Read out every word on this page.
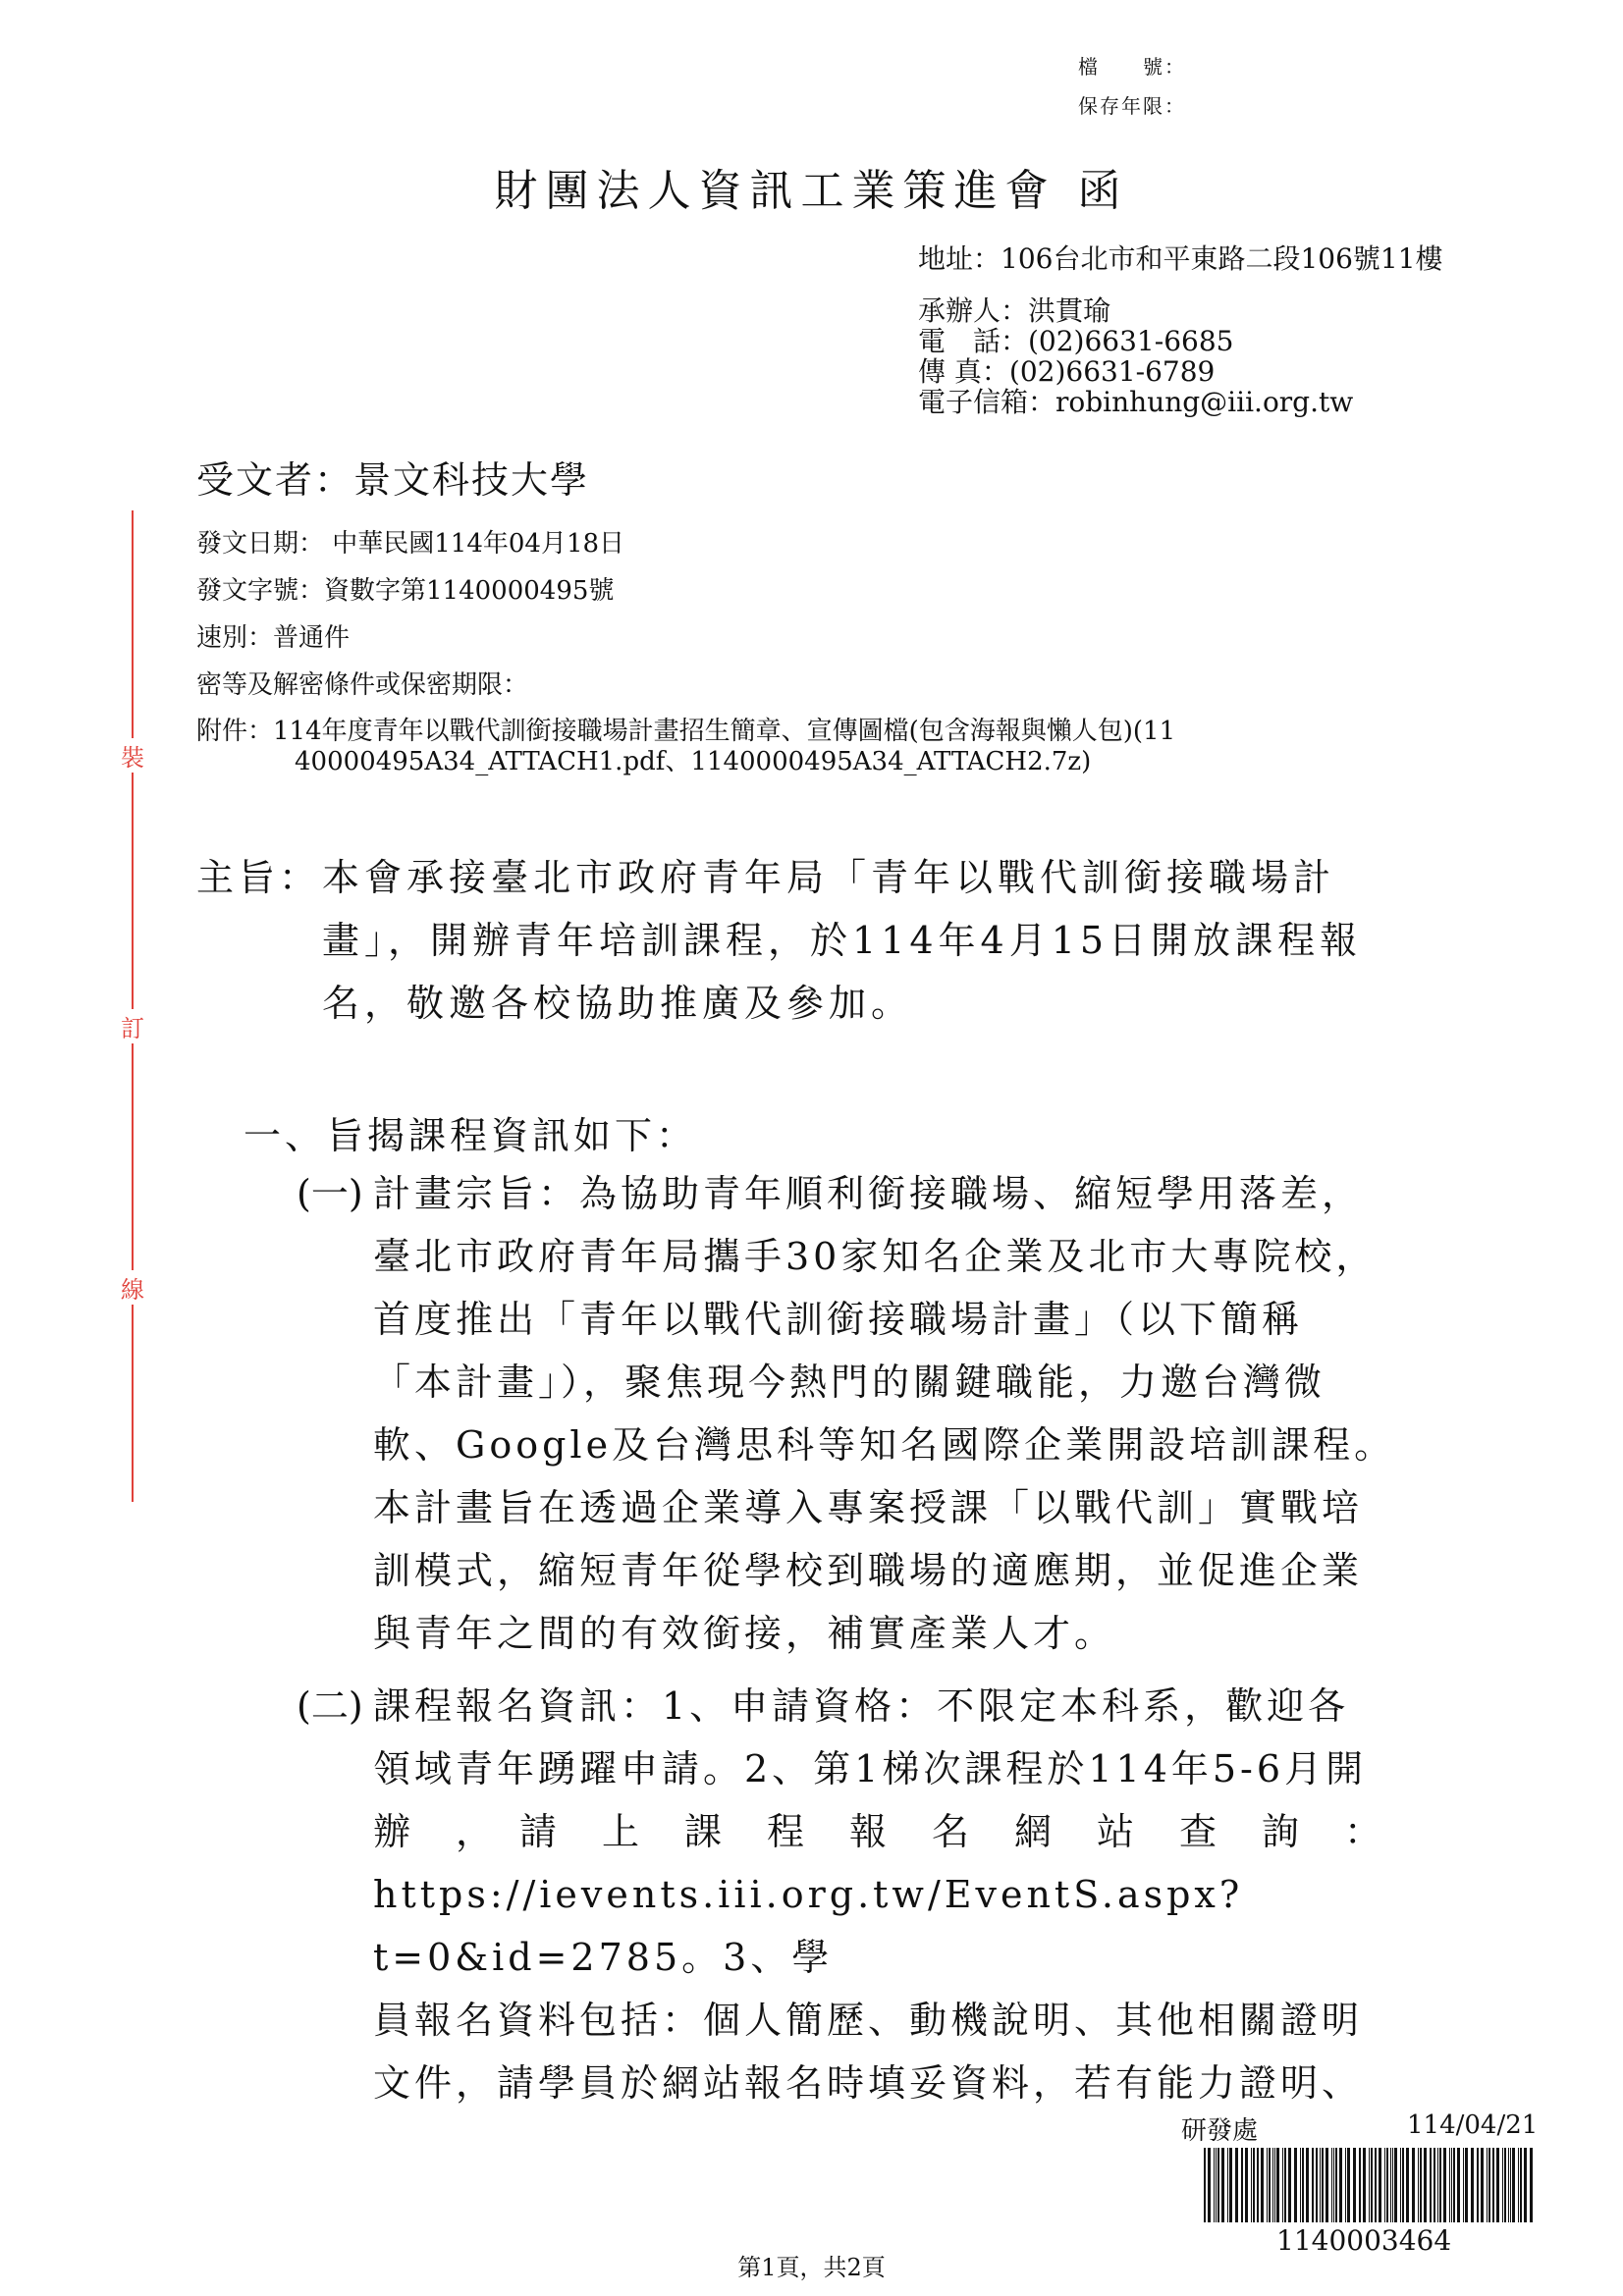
檔　　號：
保存年限：
財團法人資訊工業策進會 函
地址：106台北市和平東路二段106號11樓
承辦人：洪貫瑜
電　話：(02)6631-6685
傳 真：(02)6631-6789
電子信箱：robinhung@iii.org.tw
受文者：景文科技大學
發文日期： 中華民國114年04月18日
發文字號：資數字第1140000495號
速別：普通件
密等及解密條件或保密期限：
附件：114年度青年以戰代訓銜接職場計畫招生簡章、宣傳圖檔(包含海報與懶人包)(11
40000495A34_ATTACH1.pdf、1140000495A34_ATTACH2.7z)
裝
訂
線
主旨： 本會承接臺北市政府青年局「青年以戰代訓銜接職場計
畫」，開辦青年培訓課程，於114年4月15日開放課程報
名，敬邀各校協助推廣及參加。
一、旨揭課程資訊如下：
(一) 計畫宗旨：為協助青年順利銜接職場、縮短學用落差，
臺北市政府青年局攜手30家知名企業及北市大專院校，
首度推出「青年以戰代訓銜接職場計畫」（以下簡稱
「本計畫」），聚焦現今熱門的關鍵職能，力邀台灣微
軟、Google及台灣思科等知名國際企業開設培訓課程。
本計畫旨在透過企業導入專案授課「以戰代訓」實戰培
訓模式，縮短青年從學校到職場的適應期，並促進企業
與青年之間的有效銜接，補實產業人才。
(二) 課程報名資訊：1、申請資格：不限定本科系，歡迎各
領域青年踴躍申請。2、第1梯次課程於114年5-6月開
辦　，　請　上　課　程　報　名　網　站　查　詢　：
https://ievents.iii.org.tw/EventS.aspx?t=0&id=2785。3、學
員報名資料包括：個人簡歷、動機說明、其他相關證明
文件，請學員於網站報名時填妥資料，若有能力證明、
研發處	114/04/21
1140003464
第1頁，共2頁
